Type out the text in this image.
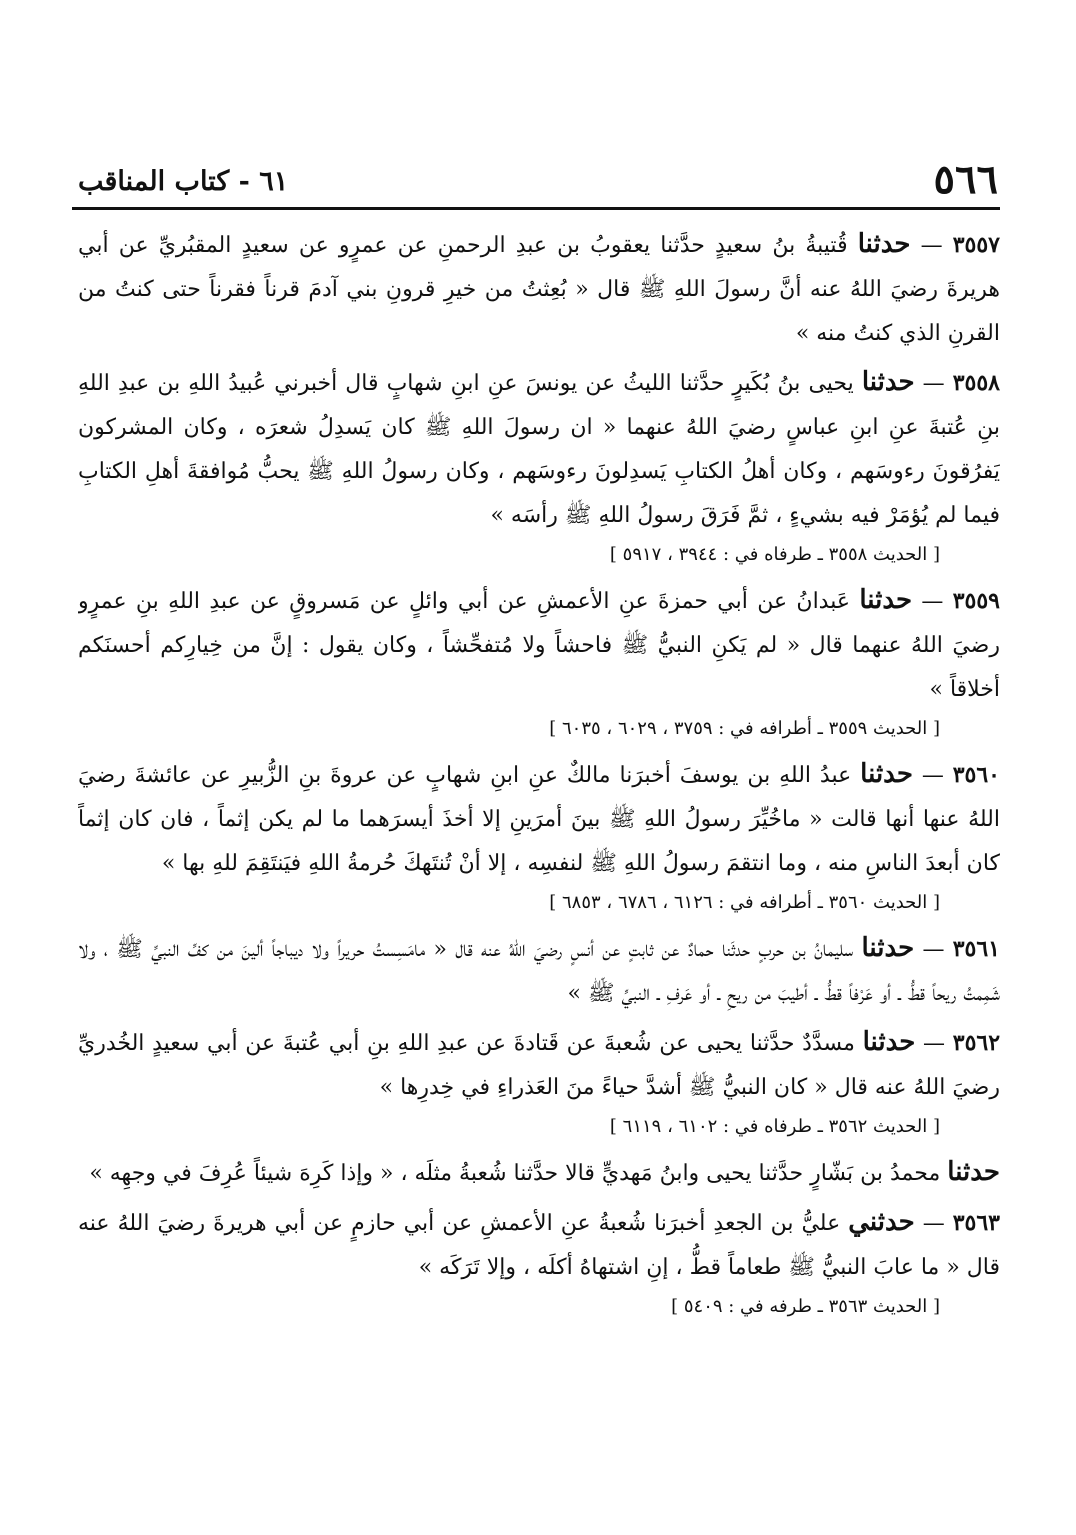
٥٦٦
٦١ - كتاب المناقب

٣٥٥٧ — حدثنا قُتيبةُ بنُ سعيدٍ حدَّثنا يعقوبُ بن عبدِ الرحمنِ عن عمرٍو عن سعيدٍ المقبُريِّ عن أبي هريرةَ رضيَ اللهُ عنه أنَّ رسولَ اللهِ ﷺ قال « بُعِثتُ من خيرِ قرونِ بني آدمَ قرناً فقرناً حتى كنتُ من القرنِ الذي كنتُ منه »

٣٥٥٨ — حدثنا يحيى بنُ بُكَيرٍ حدَّثنا الليثُ عن يونسَ عنِ ابنِ شهابٍ قال أخبرني عُبيدُ اللهِ بن عبدِ اللهِ بنِ عُتبةَ عنِ ابنِ عباسٍ رضيَ اللهُ عنهما « ان رسولَ اللهِ ﷺ كان يَسدِلُ شعرَه ، وكان المشركون يَفرُقونَ رءوسَهم ، وكان أهلُ الكتابِ يَسدِلونَ رءوسَهم ، وكان رسولُ اللهِ ﷺ يحبُّ مُوافقةَ أهلِ الكتابِ فيما لم يُؤمَرْ فيه بشيءٍ ، ثمَّ فَرَقَ رسولُ اللهِ ﷺ رأسَه »

[ الحديث ٣٥٥٨ ـ طرفاه في : ٣٩٤٤ ، ٥٩١٧ ]

٣٥٥٩ — حدثنا عَبدانُ عن أبي حمزةَ عنِ الأعمشِ عن أبي وائلٍ عن مَسروقٍ عن عبدِ اللهِ بنِ عمرٍو رضيَ اللهُ عنهما قال « لم يَكنِ النبيُّ ﷺ فاحشاً ولا مُتفحِّشاً ، وكان يقول : إنَّ من خِيارِكم أحسنَكم أخلاقاً »

[ الحديث ٣٥٥٩ ـ أطرافه في : ٣٧٥٩ ، ٦٠٢٩ ، ٦٠٣٥ ]

٣٥٦٠ — حدثنا عبدُ اللهِ بن يوسفَ أخبرَنا مالكٌ عنِ ابنِ شهابٍ عن عروةَ بنِ الزُّبيرِ عن عائشةَ رضيَ اللهُ عنها أنها قالت « ماخُيِّرَ رسولُ اللهِ ﷺ بينَ أمرَينِ إلا أخذَ أيسرَهما ما لم يكن إثماً ، فان كان إثماً كان أبعدَ الناسِ منه ، وما انتقمَ رسولُ اللهِ ﷺ لنفسِه ، إلا أنْ تُنتَهكَ حُرمةُ اللهِ فيَنتَقِمَ للهِ بها »

[ الحديث ٣٥٦٠ ـ أطرافه في : ٦١٢٦ ، ٦٧٨٦ ، ٦٨٥٣ ]

٣٥٦١ — حدثنا سليمانُ بن حربٍ حدثَنا حمادٌ عن ثابتٍ عن أنسٍ رضيَ اللهُ عنه قال « مامَسِستُ حريراً ولا ديباجاً ألينَ من كفِّ النبيِّ ﷺ ، ولا شَمِمتُ ريحاً قطُّ ـ أو عَرْفاً قطُّ ـ أطيبَ من ريحِ ـ أو عَرفِ ـ النبيِّ ﷺ »

٣٥٦٢ — حدثنا مسدَّدٌ حدَّثنا يحيى عن شُعبةَ عن قَتادةَ عن عبدِ اللهِ بنِ أبي عُتبةَ عن أبي سعيدٍ الخُدريِّ رضيَ اللهُ عنه قال « كان النبيُّ ﷺ أشدَّ حياءً منَ العَذراءِ في خِدرِها »

[ الحديث ٣٥٦٢ ـ طرفاه في : ٦١٠٢ ، ٦١١٩ ]

حدثنا محمدُ بن بَشّارٍ حدَّثنا يحيى وابنُ مَهديٍّ قالا حدَّثنا شُعبةُ مثلَه ، « وإذا كَرِهَ شيئاً عُرِفَ في وجهِه »

٣٥٦٣ — حدثني عليُّ بن الجعدِ أخبرَنا شُعبةُ عنِ الأعمشِ عن أبي حازمٍ عن أبي هريرةَ رضيَ اللهُ عنه قال « ما عابَ النبيُّ ﷺ طعاماً قطُّ ، إنِ اشتهاهُ أكلَه ، وإلا تَرَكَه »

[ الحديث ٣٥٦٣ ـ طرفه في : ٥٤٠٩ ]
